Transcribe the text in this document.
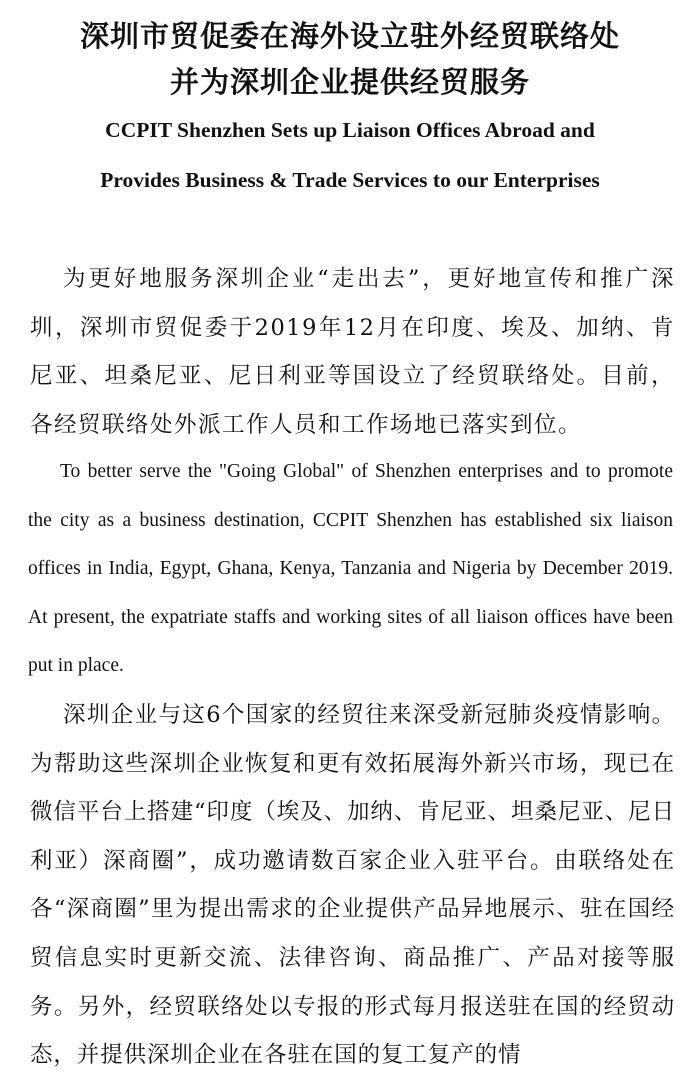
深圳市贸促委在海外设立驻外经贸联络处
并为深圳企业提供经贸服务
CCPIT Shenzhen Sets up Liaison Offices Abroad and
Provides Business & Trade Services to our Enterprises

为更好地服务深圳企业“走出去”，更好地宣传和推广深圳，深圳市贸促委于2019年12月在印度、埃及、加纳、肯尼亚、坦桑尼亚、尼日利亚等国设立了经贸联络处。目前，各经贸联络处外派工作人员和工作场地已落实到位。

To better serve the "Going Global" of Shenzhen enterprises and to promote the city as a business destination, CCPIT Shenzhen has established six liaison offices in India, Egypt, Ghana, Kenya, Tanzania and Nigeria by December 2019. At present, the expatriate staffs and working sites of all liaison offices have been put in place.

深圳企业与这6个国家的经贸往来深受新冠肺炎疫情影响。为帮助这些深圳企业恢复和更有效拓展海外新兴市场，现已在微信平台上搭建“印度（埃及、加纳、肯尼亚、坦桑尼亚、尼日利亚）深商圈”，成功邀请数百家企业入驻平台。由联络处在各“深商圈”里为提出需求的企业提供产品异地展示、驻在国经贸信息实时更新交流、法律咨询、商品推广、产品对接等服务。另外，经贸联络处以专报的形式每月报送驻在国的经贸动态，并提供深圳企业在各驻在国的复工复产的情
